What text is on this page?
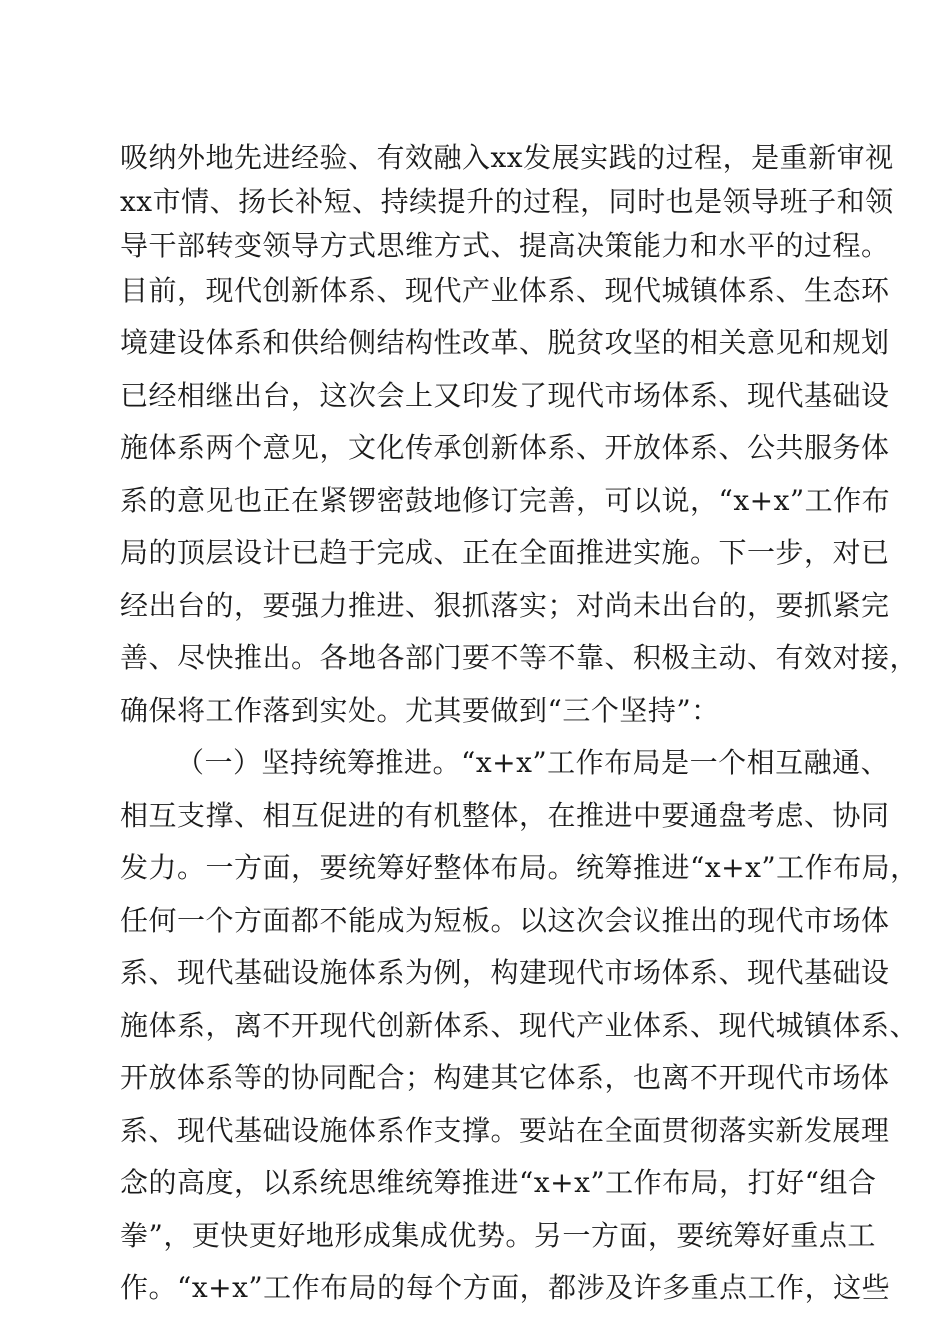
吸纳外地先进经验、有效融入xx发展实践的过程，是重新审视
xx市情、扬长补短、持续提升的过程，同时也是领导班子和领
导干部转变领导方式思维方式、提高决策能力和水平的过程。
目前，现代创新体系、现代产业体系、现代城镇体系、生态环
境建设体系和供给侧结构性改革、脱贫攻坚的相关意见和规划
已经相继出台，这次会上又印发了现代市场体系、现代基础设
施体系两个意见，文化传承创新体系、开放体系、公共服务体
系的意见也正在紧锣密鼓地修订完善，可以说，“x+x”工作布
局的顶层设计已趋于完成、正在全面推进实施。下一步，对已
经出台的，要强力推进、狠抓落实；对尚未出台的，要抓紧完
善、尽快推出。各地各部门要不等不靠、积极主动、有效对接，
确保将工作落到实处。尤其要做到“三个坚持”：
（一）坚持统筹推进。“x+x”工作布局是一个相互融通、
相互支撑、相互促进的有机整体，在推进中要通盘考虑、协同
发力。一方面，要统筹好整体布局。统筹推进“x+x”工作布局，
任何一个方面都不能成为短板。以这次会议推出的现代市场体
系、现代基础设施体系为例，构建现代市场体系、现代基础设
施体系，离不开现代创新体系、现代产业体系、现代城镇体系、
开放体系等的协同配合；构建其它体系，也离不开现代市场体
系、现代基础设施体系作支撑。要站在全面贯彻落实新发展理
念的高度，以系统思维统筹推进“x+x”工作布局，打好“组合
拳”，更快更好地形成集成优势。另一方面，要统筹好重点工
作。“x+x”工作布局的每个方面，都涉及许多重点工作，这些
